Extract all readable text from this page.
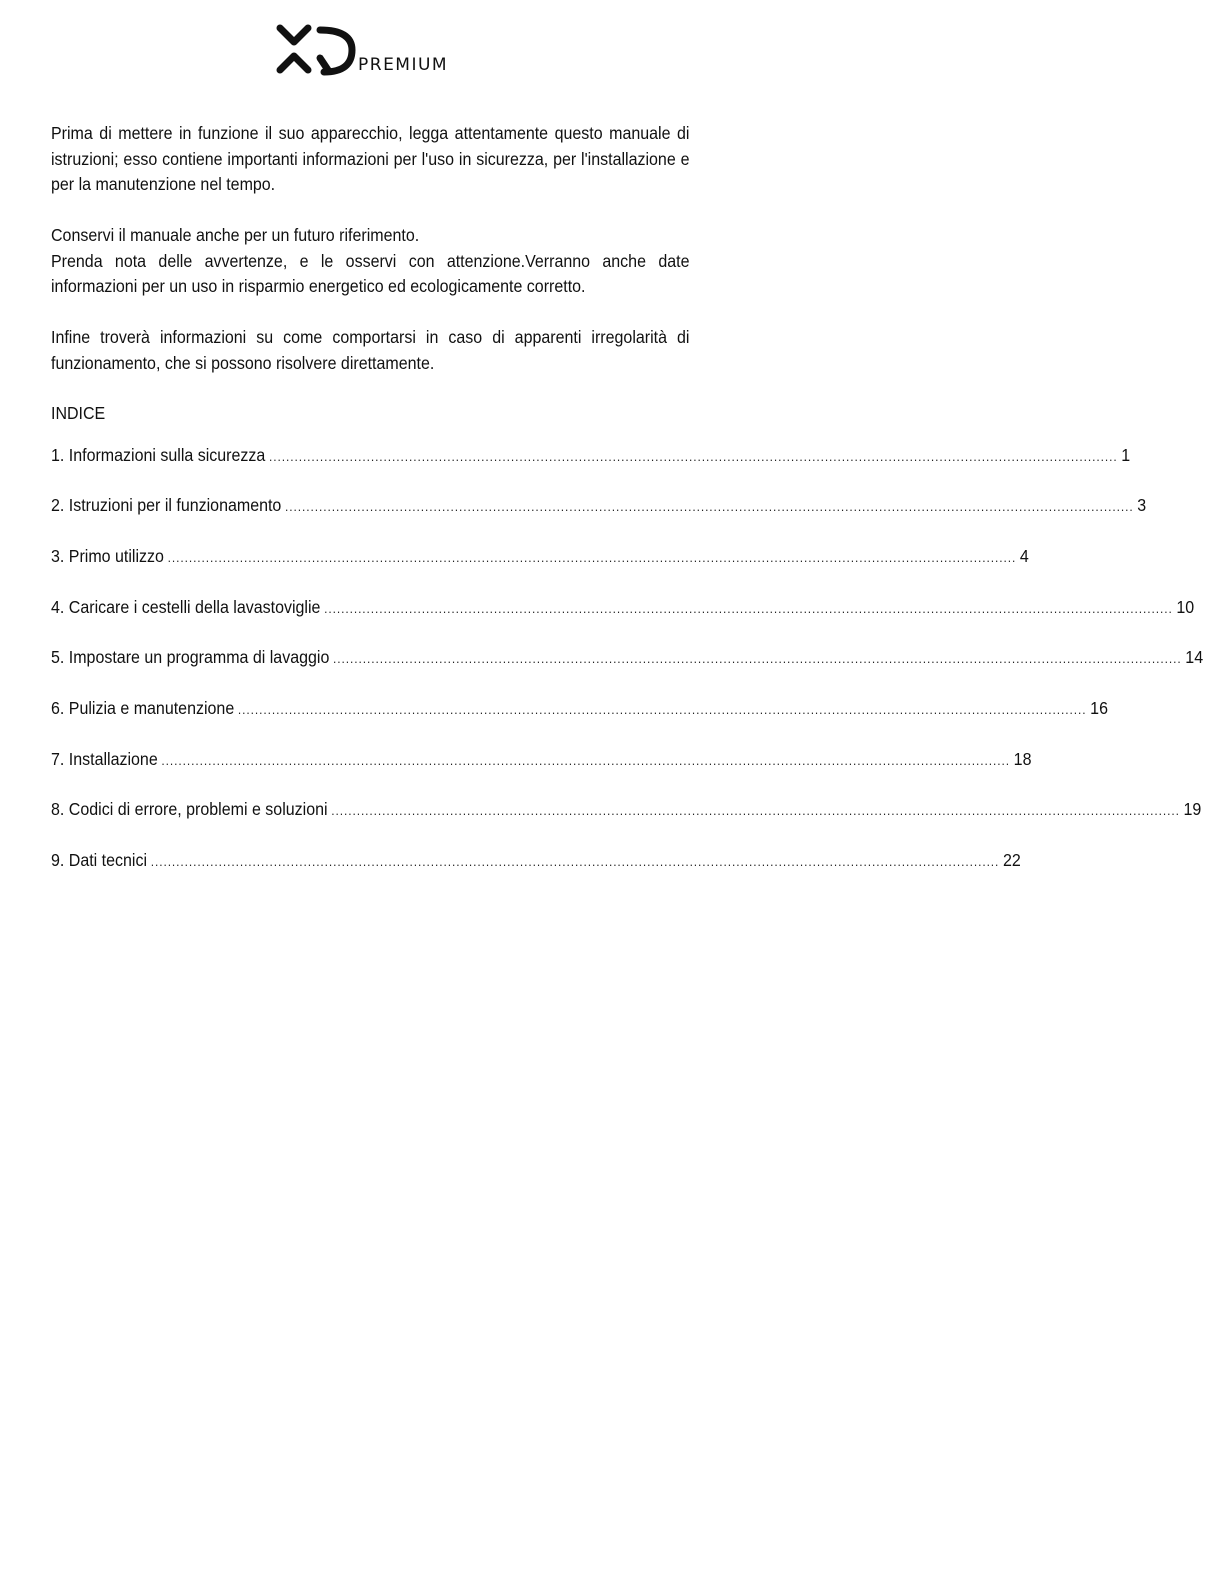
PREMIUM

Prima di mettere in funzione il suo apparecchio, legga attentamente questo manuale di istruzioni; esso contiene importanti informazioni per l'uso in sicurezza, per l'installazione e per la manutenzione nel tempo.

Conservi il manuale anche per un futuro riferimento.

Prenda nota delle avvertenze, e le osservi con attenzione.Verranno anche date informazioni per un uso in risparmio energetico ed ecologicamente corretto.

Infine troverà informazioni su come comportarsi in caso di apparenti irregolarità di funzionamento, che si possono risolvere direttamente.

INDICE
1. Informazioni sulla sicurezza ........................................................................................................................................................................................................ 1
2. Istruzioni per il funzionamento ........................................................................................................................................................................................................ 3
3. Primo utilizzo ........................................................................................................................................................................................................ 4
4. Caricare i cestelli della lavastoviglie ........................................................................................................................................................................................................ 10
5. Impostare un programma di lavaggio ........................................................................................................................................................................................................ 14
6. Pulizia e manutenzione ........................................................................................................................................................................................................ 16
7. Installazione ........................................................................................................................................................................................................ 18
8. Codici di errore, problemi e soluzioni ........................................................................................................................................................................................................ 19
9. Dati tecnici ........................................................................................................................................................................................................ 22
